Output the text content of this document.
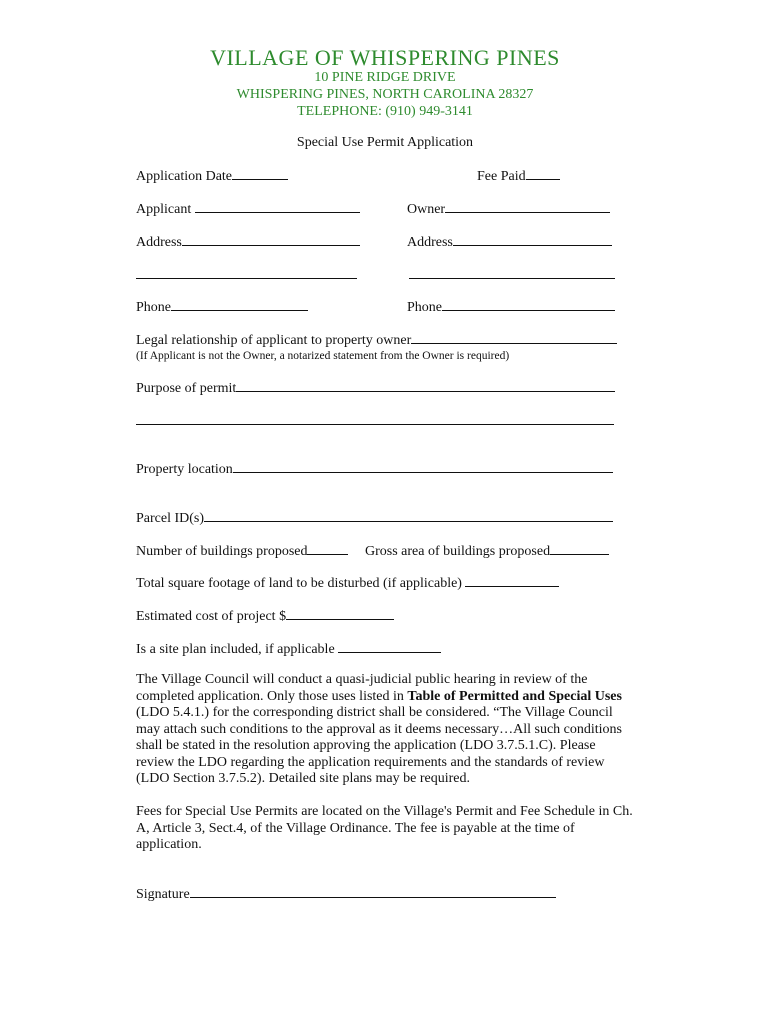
VILLAGE OF WHISPERING PINES
10 PINE RIDGE DRIVE
WHISPERING PINES, NORTH CAROLINA 28327
TELEPHONE: (910) 949-3141
Special Use Permit Application
Application Date	Fee Paid
Applicant	Owner
Address	Address
Phone	Phone
Legal relationship of applicant to property owner
(If Applicant is not the Owner, a notarized statement from the Owner is required)
Purpose of permit
Property location
Parcel ID(s)
Number of buildings proposed	Gross area of buildings proposed
Total square footage of land to be disturbed (if applicable)
Estimated cost of project $
Is a site plan included, if applicable
The Village Council will conduct a quasi-judicial public hearing in review of the completed application. Only those uses listed in Table of Permitted and Special Uses (LDO 5.4.1.) for the corresponding district shall be considered. “The Village Council may attach such conditions to the approval as it deems necessary…All such conditions shall be stated in the resolution approving the application (LDO 3.7.5.1.C). Please review the LDO regarding the application requirements and the standards of review (LDO Section 3.7.5.2). Detailed site plans may be required.
Fees for Special Use Permits are located on the Village's Permit and Fee Schedule in Ch. A, Article 3, Sect.4, of the Village Ordinance. The fee is payable at the time of application.
Signature
